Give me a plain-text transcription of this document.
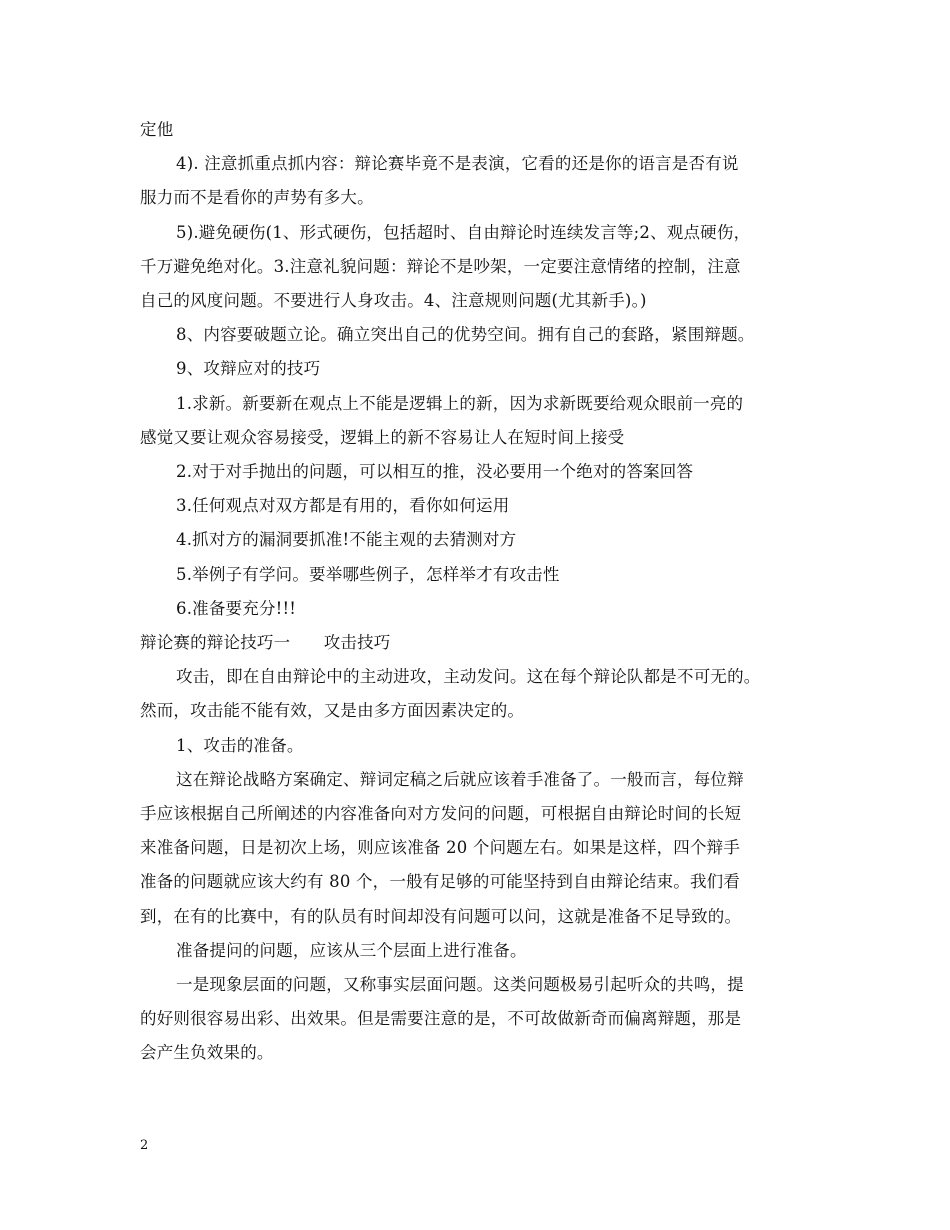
定他
4). 注意抓重点抓内容：辩论赛毕竟不是表演，它看的还是你的语言是否有说
服力而不是看你的声势有多大。
5).避免硬伤(1、形式硬伤，包括超时、自由辩论时连续发言等;2、观点硬伤，
千万避免绝对化。3.注意礼貌问题：辩论不是吵架，一定要注意情绪的控制，注意
自己的风度问题。不要进行人身攻击。4、注意规则问题(尤其新手)。)
8、内容要破题立论。确立突出自己的优势空间。拥有自己的套路，紧围辩题。
9、攻辩应对的技巧
1.求新。新要新在观点上不能是逻辑上的新，因为求新既要给观众眼前一亮的
感觉又要让观众容易接受，逻辑上的新不容易让人在短时间上接受
2.对于对手抛出的问题，可以相互的推，没必要用一个绝对的答案回答
3.任何观点对双方都是有用的，看你如何运用
4.抓对方的漏洞要抓准!不能主观的去猜测对方
5.举例子有学问。要举哪些例子，怎样举才有攻击性
6.准备要充分!!!
辩论赛的辩论技巧一　　攻击技巧
攻击，即在自由辩论中的主动进攻，主动发问。这在每个辩论队都是不可无的。
然而，攻击能不能有效，又是由多方面因素决定的。
1、攻击的准备。
这在辩论战略方案确定、辩词定稿之后就应该着手准备了。一般而言，每位辩
手应该根据自己所阐述的内容准备向对方发问的问题，可根据自由辩论时间的长短
来准备问题，日是初次上场，则应该准备 20 个问题左右。如果是这样，四个辩手
准备的问题就应该大约有 80 个，一般有足够的可能坚持到自由辩论结束。我们看
到，在有的比赛中，有的队员有时间却没有问题可以问，这就是准备不足导致的。
准备提问的问题，应该从三个层面上进行准备。
一是现象层面的问题，又称事实层面问题。这类问题极易引起听众的共鸣，提
的好则很容易出彩、出效果。但是需要注意的是，不可故做新奇而偏离辩题，那是
会产生负效果的。
2
